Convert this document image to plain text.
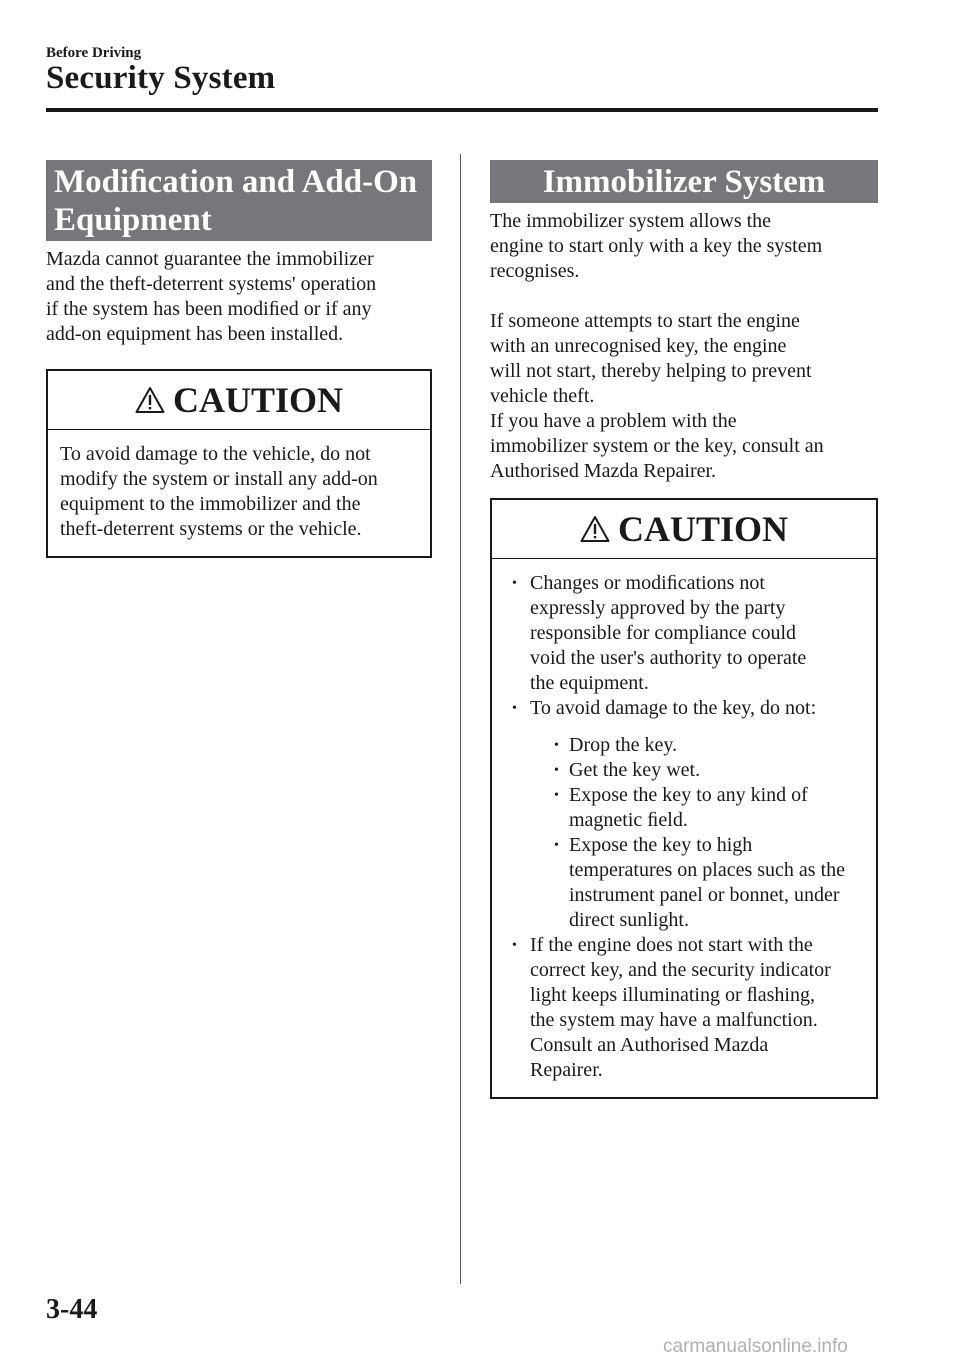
Before Driving
Security System
Modiﬁcation and Add-On
Equipment

Mazda cannot guarantee the immobilizer
and the theft-deterrent systems' operation
if the system has been modiﬁed or if any
add-on equipment has been installed.

CAUTION
To avoid damage to the vehicle, do not
modify the system or install any add-on
equipment to the immobilizer and the
theft-deterrent systems or the vehicle.
Immobilizer System

The immobilizer system allows the
engine to start only with a key the system
recognises.

If someone attempts to start the engine
with an unrecognised key, the engine
will not start, thereby helping to prevent
vehicle theft.

If you have a problem with the
immobilizer system or the key, consult an
Authorised Mazda Repairer.

CAUTION
• Changes or modiﬁcations not
expressly approved by the party
responsible for compliance could
void the user's authority to operate
the equipment.
• To avoid damage to the key, do not:
• Drop the key.
• Get the key wet.
• Expose the key to any kind of
magnetic ﬁeld.
• Expose the key to high
temperatures on places such as the
instrument panel or bonnet, under
direct sunlight.
• If the engine does not start with the
correct key, and the security indicator
light keeps illuminating or ﬂashing,
the system may have a malfunction.
Consult an Authorised Mazda
Repairer.
3-44
carmanualsonline.info
